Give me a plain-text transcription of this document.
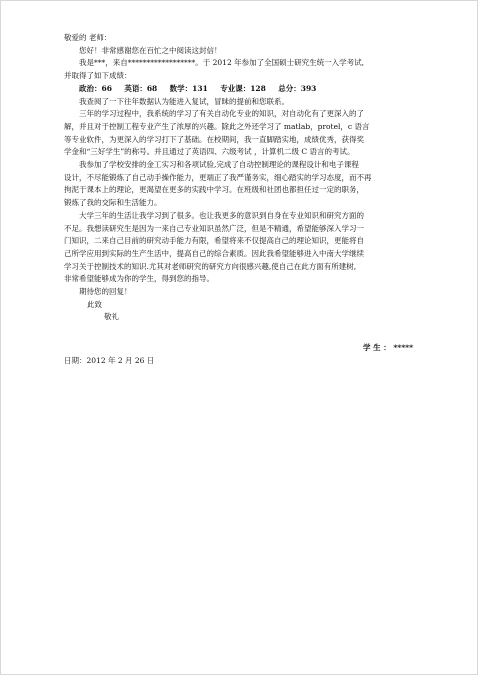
敬爱的 老师：
您好！非常感谢您在百忙之中阅读这封信！
我是***，来自******************。于 2012 年参加了全国硕士研究生统一入学考试,
并取得了如下成绩：
政治：66 英语：68 数学：131 专业课：128 总分：393
我查阅了一下往年数据认为能进入复试，冒昧的提前和您联系。
三年的学习过程中，我系统的学习了有关自动化专业的知识，对自动化有了更深入的了
解，并且对于控制工程专业产生了浓厚的兴趣。除此之外还学习了 matlab，protel，c 语言
等专业软件，为更深入的学习打下了基础。在校期间，我一直脚踏实地，成绩优秀，获得奖
学金和“三好学生”的称号。并且通过了英语四、六级考试 ，计算机二级 C 语言的考试。
我参加了学校安排的金工实习和各项试验,完成了自动控制理论的课程设计和电子课程
设计，不尽能锻炼了自己动手操作能力，更端正了我严谨务实，细心踏实的学习态度，而不再
拘泥于课本上的理论，更渴望在更多的实践中学习。在班级和社团也都担任过一定的职务，
锻炼了我的交际和生活能力。
大学三年的生活让我学习到了很多。也让我更多的意识到自身在专业知识和研究方面的
不足。我想读研究生是因为一来自己专业知识虽然广泛，但是不精通，希望能够深入学习一
门知识，二来自己目前的研究动手能力有限，希望将来不仅提高自己的理论知识，更能将自
己所学应用到实际的生产生活中，提高自己的综合素质。因此我希望能够进入中南大学继续
学习关于控制技术的知识.尤其对老师研究的研究方向很感兴趣,使自己在此方面有所建树,
非常希望能够成为你的学生，得到您的指导。
期待您的回复！
此致
敬礼
学 生 ： *****
日期：2012 年 2 月 26 日
